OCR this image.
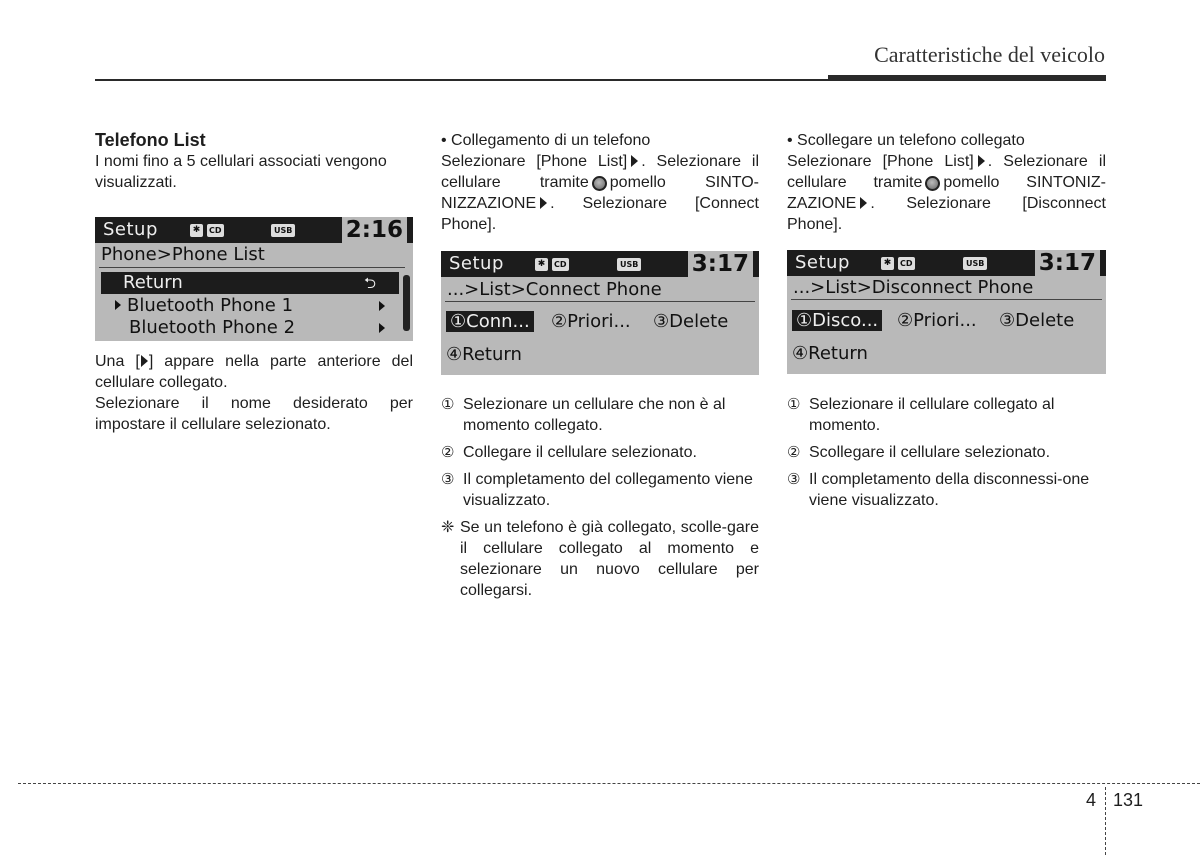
Caratteristiche del veicolo

Telefono List

I nomi fino a 5 cellulari associati vengono visualizzati.

Setup	✱	CD	USB 2:16
Phone>Phone List
Return	⮌
Bluetooth Phone 1
Bluetooth Phone 2

Una [ ] appare nella parte anteriore del cellulare collegato.

Selezionare il nome desiderato per impostare il cellulare selezionato.

• Collegamento di un telefono

Selezionare [Phone List] . Selezionare il cellulare tramite pomello SINTO-NIZZAZIONE . Selezionare [Connect Phone].

Setup	✱	CD	USB 3:17
...>List>Connect Phone
①Conn... ②Priori... ③Delete
④Return
① Selezionare un cellulare che non è al momento collegato.
② Collegare il cellulare selezionato.
③ Il completamento del collegamento viene visualizzato.
❈ Se un telefono è già collegato, scolle-gare il cellulare collegato al momento e selezionare un nuovo cellulare per collegarsi.

• Scollegare un telefono collegato

Selezionare [Phone List] . Selezionare il cellulare tramite pomello SINTONIZ-ZAZIONE . Selezionare [Disconnect Phone].

Setup	✱	CD	USB 3:17
...>List>Disconnect Phone
①Disco... ②Priori... ③Delete
④Return
① Selezionare il cellulare collegato al momento.
② Scollegare il cellulare selezionato.
③ Il completamento della disconnessi-one viene visualizzato.
4 131
